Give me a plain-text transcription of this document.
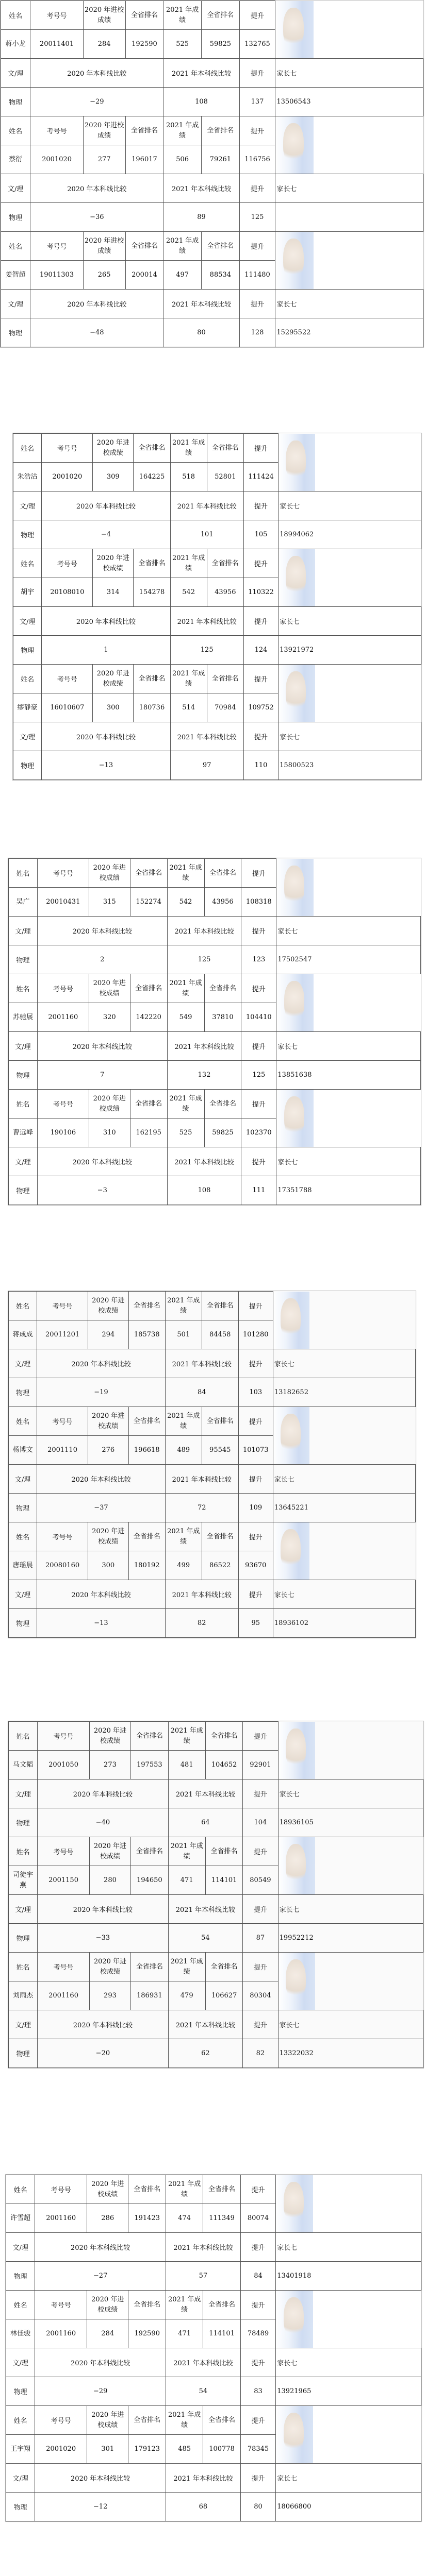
姓名	考号号	2020 年进校成绩	全省排名	2021 年成绩	全省排名	提升	

蒋小龙	20011401	284	192590	525	59825	132765		
文/理	2020 年本科线比较			2021 年本科线比较		提升	家长七	
物理	−29			108		137	13506543	
姓名	考号号	2020 年进校成绩	全省排名	2021 年成绩	全省排名	提升	

蔡衍	2001020	277	196017	506	79261	116756		
文/理	2020 年本科线比较			2021 年本科线比较		提升	家长七	
物理	−36			89		125		
姓名	考号号	2020 年进校成绩	全省排名	2021 年成绩	全省排名	提升	

姜智超	19011303	265	200014	497	88534	111480		
文/理	2020 年本科线比较			2021 年本科线比较		提升	家长七	
物理	−48			80		128	15295522	
姓名	考号号	2020 年进校成绩	全省排名	2021 年成绩	全省排名	提升	

朱浩沽	2001020	309	164225	518	52801	111424		
文/理	2020 年本科线比较			2021 年本科线比较		提升	家长七	
物理	−4			101		105	18994062	
姓名	考号号	2020 年进校成绩	全省排名	2021 年成绩	全省排名	提升	

胡宇	20108010	314	154278	542	43956	110322		
文/理	2020 年本科线比较			2021 年本科线比较		提升	家长七	
物理	1			125		124	13921972	
姓名	考号号	2020 年进校成绩	全省排名	2021 年成绩	全省排名	提升	

缪静豪	16010607	300	180736	514	70984	109752		
文/理	2020 年本科线比较			2021 年本科线比较		提升	家长七	
物理	−13			97		110	15800523	
姓名	考号号	2020 年进校成绩	全省排名	2021 年成绩	全省排名	提升	

吴广	20010431	315	152274	542	43956	108318		
文/理	2020 年本科线比较			2021 年本科线比较		提升	家长七	
物理	2			125		123	17502547	
姓名	考号号	2020 年进校成绩	全省排名	2021 年成绩	全省排名	提升	

苏驰展	2001160	320	142220	549	37810	104410		
文/理	2020 年本科线比较			2021 年本科线比较		提升	家长七	
物理	7			132		125	13851638	
姓名	考号号	2020 年进校成绩	全省排名	2021 年成绩	全省排名	提升	

曹远峰	190106	310	162195	525	59825	102370		
文/理	2020 年本科线比较			2021 年本科线比较		提升	家长七	
物理	−3			108		111	17351788	
姓名	考号号	2020 年进校成绩	全省排名	2021 年成绩	全省排名	提升	

蒋成成	20011201	294	185738	501	84458	101280		
文/理	2020 年本科线比较			2021 年本科线比较		提升	家长七	
物理	−19			84		103	13182652	
姓名	考号号	2020 年进校成绩	全省排名	2021 年成绩	全省排名	提升	

杨博文	2001110	276	196618	489	95545	101073		
文/理	2020 年本科线比较			2021 年本科线比较		提升	家长七	
物理	−37			72		109	13645221	
姓名	考号号	2020 年进校成绩	全省排名	2021 年成绩	全省排名	提升	

唐瑶晨	20080160	300	180192	499	86522	93670		
文/理	2020 年本科线比较			2021 年本科线比较		提升	家长七	
物理	−13			82		95	18936102	
姓名	考号号	2020 年进校成绩	全省排名	2021 年成绩	全省排名	提升	

马文韬	2001050	273	197553	481	104652	92901		
文/理	2020 年本科线比较			2021 年本科线比较		提升	家长七	
物理	−40			64		104	18936105	
姓名	考号号	2020 年进校成绩	全省排名	2021 年成绩	全省排名	提升	

司徒宇燕	2001150	280	194650	471	114101	80549		
文/理	2020 年本科线比较			2021 年本科线比较		提升	家长七	
物理	−33			54		87	19952212	
姓名	考号号	2020 年进校成绩	全省排名	2021 年成绩	全省排名	提升	

刘雨杰	2001160	293	186931	479	106627	80304		
文/理	2020 年本科线比较			2021 年本科线比较		提升	家长七	
物理	−20			62		82	13322032	
姓名	考号号	2020 年进校成绩	全省排名	2021 年成绩	全省排名	提升	

许雪超	2001160	286	191423	474	111349	80074		
文/理	2020 年本科线比较			2021 年本科线比较		提升	家长七	
物理	−27			57		84	13401918	
姓名	考号号	2020 年进校成绩	全省排名	2021 年成绩	全省排名	提升	

林佳骏	2001160	284	192590	471	114101	78489		
文/理	2020 年本科线比较			2021 年本科线比较		提升	家长七	
物理	−29			54		83	13921965	
姓名	考号号	2020 年进校成绩	全省排名	2021 年成绩	全省排名	提升	

王宇翔	2001020	301	179123	485	100778	78345		
文/理	2020 年本科线比较			2021 年本科线比较		提升	家长七	
物理	−12			68		80	18066800	
